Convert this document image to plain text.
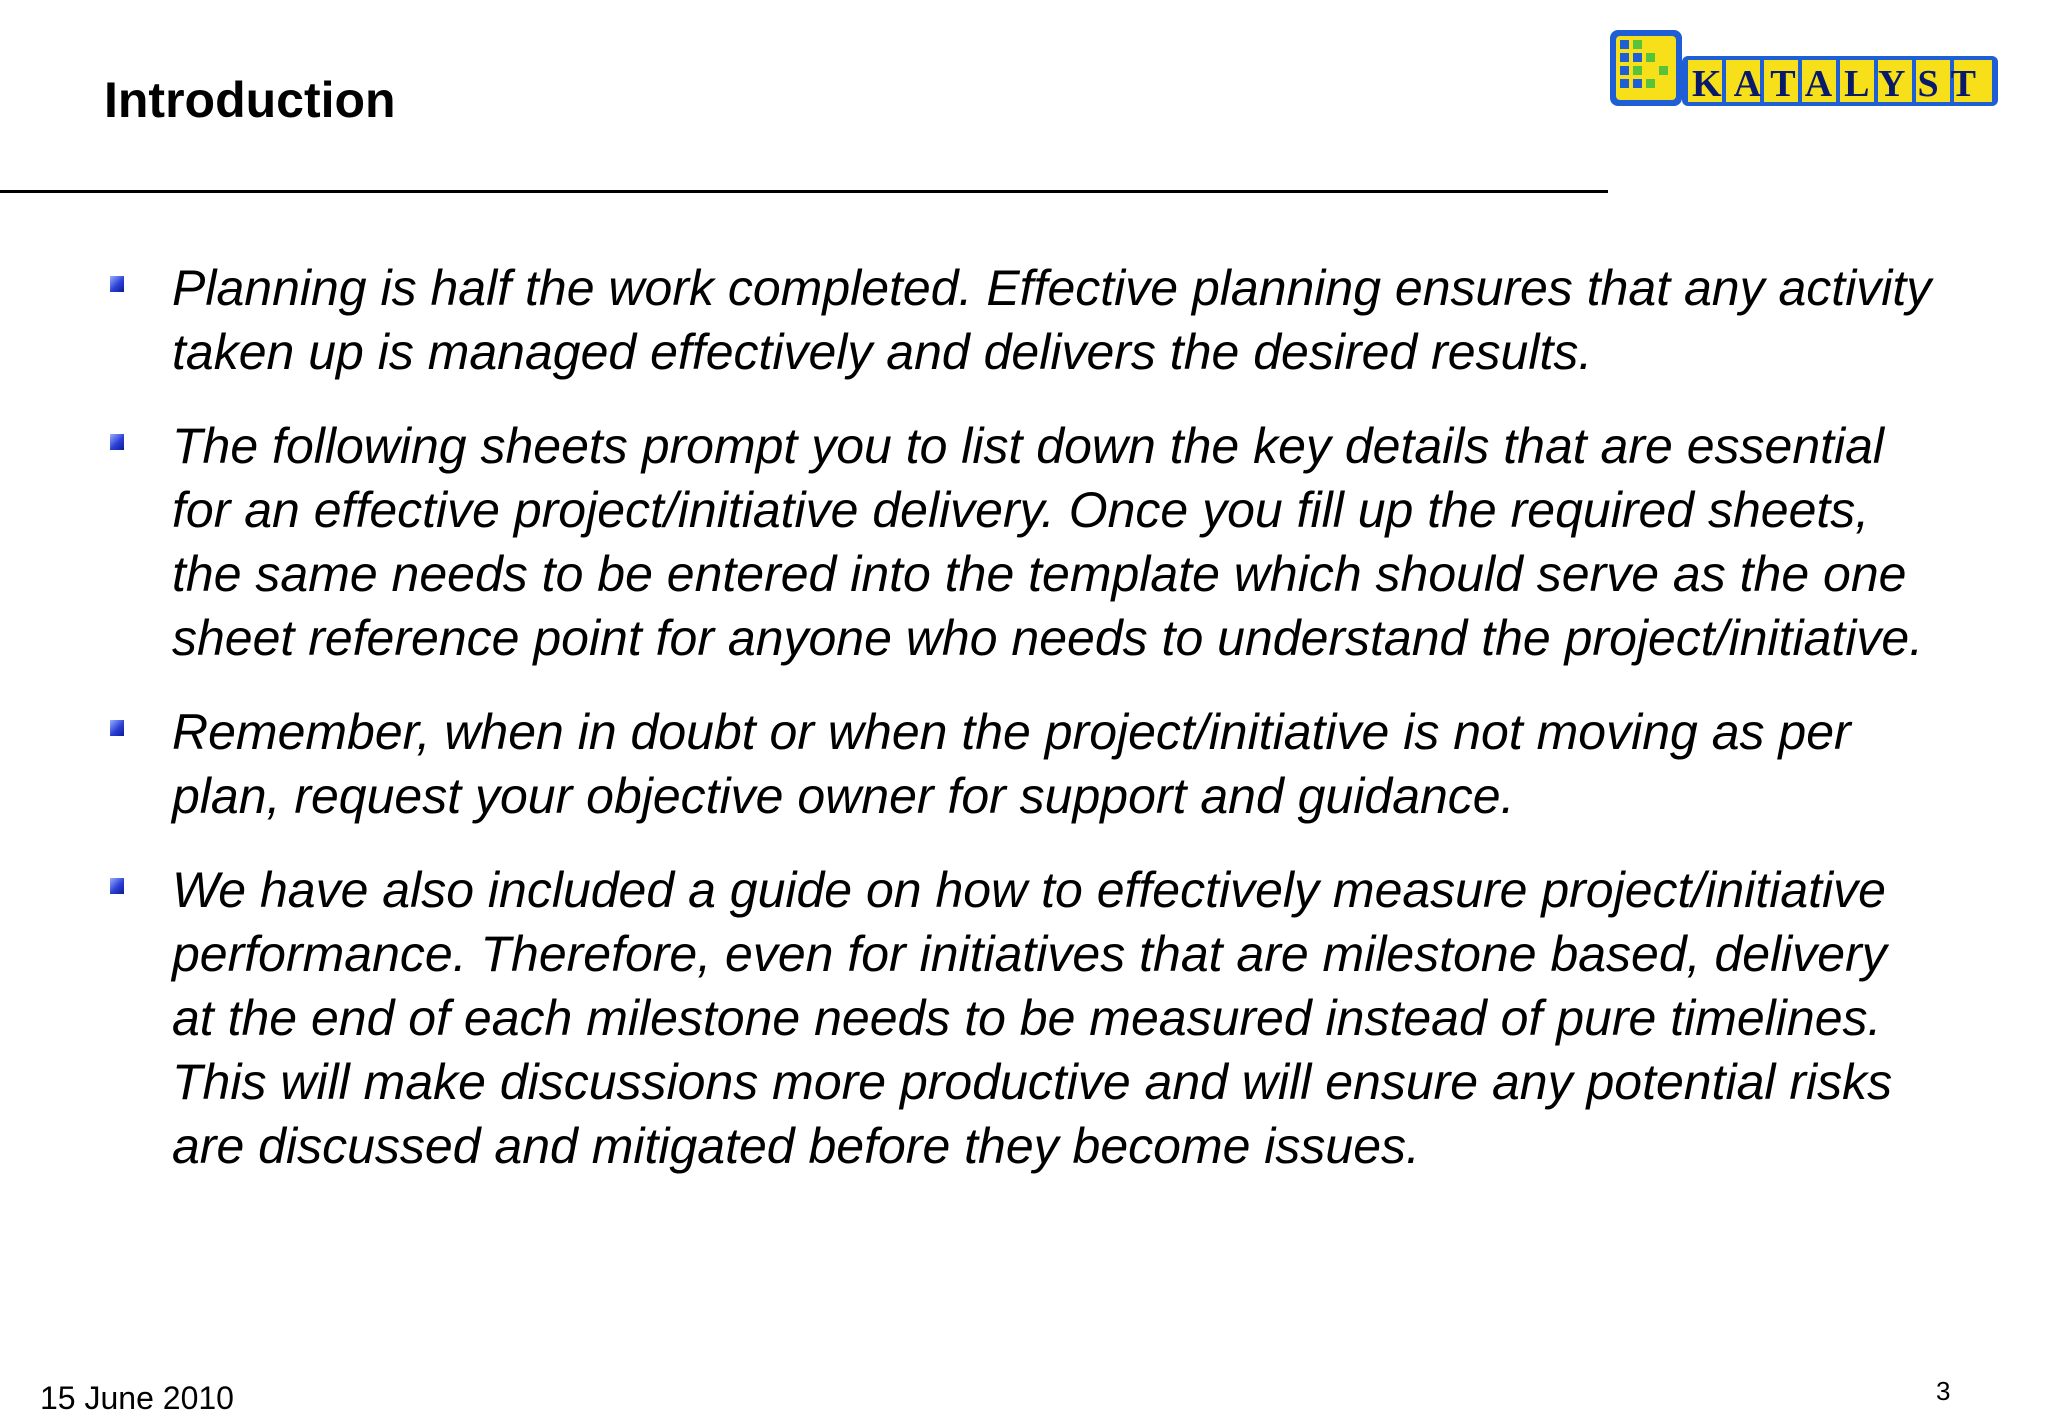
Introduction	KATALYST
Planning is half the work completed. Effective planning ensures that any activity taken up is managed effectively and delivers the desired results.
The following sheets prompt you to list down the key details that are essential for an effective project/initiative delivery. Once you fill up the required sheets, the same needs to be entered into the template which should serve as the one sheet reference point for anyone who needs to understand the project/initiative.
Remember, when in doubt or when the project/initiative is not moving as per plan, request your objective owner for support and guidance.
We have also included a guide on how to effectively measure project/initiative performance. Therefore, even for initiatives that are milestone based, delivery at the end of each milestone needs to be measured instead of pure timelines. This will make discussions more productive and will ensure any potential risks are discussed and mitigated before they become issues.
15 June 2010	3
